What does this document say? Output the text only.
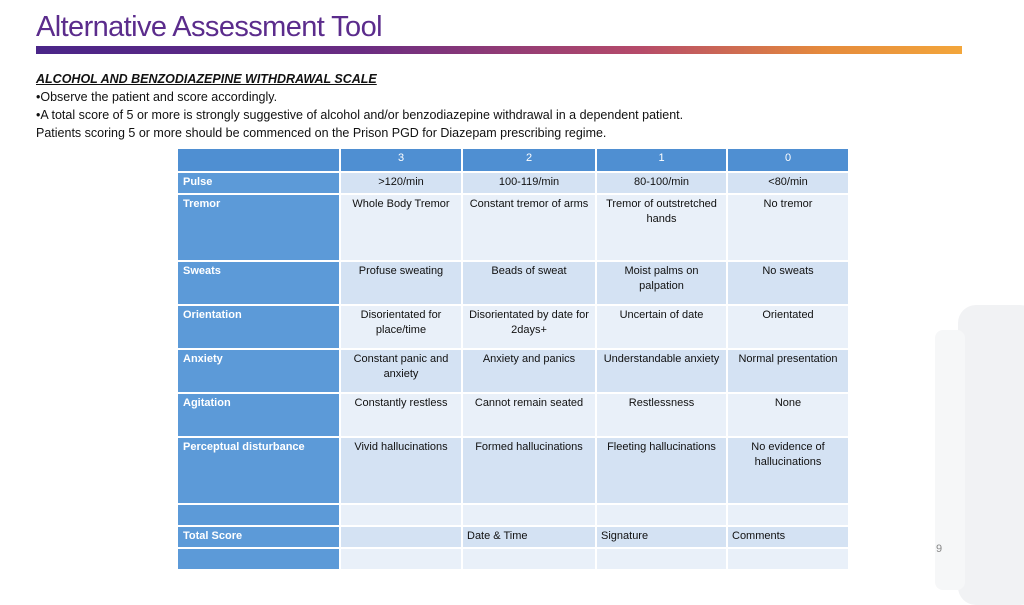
Alternative Assessment Tool
ALCOHOL AND BENZODIAZEPINE WITHDRAWAL SCALE
•Observe the patient and score accordingly.
•A total score of 5 or more is strongly suggestive of alcohol and/or benzodiazepine withdrawal in a dependent patient.
Patients scoring 5 or more should be commenced on the Prison PGD for Diazepam prescribing regime.
	3	2	1	0
Pulse	>120/min	100-119/min	80-100/min	<80/min
Tremor	Whole Body Tremor	Constant tremor of arms	Tremor of outstretched hands	No tremor
Sweats	Profuse sweating	Beads of sweat	Moist palms on palpation	No sweats
Orientation	Disorientated for place/time	Disorientated by date for 2days+	Uncertain of date	Orientated
Anxiety	Constant panic and anxiety	Anxiety and panics	Understandable anxiety	Normal presentation
Agitation	Constantly restless	Cannot remain seated	Restlessness	None
Perceptual disturbance	Vivid hallucinations	Formed hallucinations	Fleeting hallucinations	No evidence of hallucinations

Total Score		Date & Time	Signature	Comments

9
